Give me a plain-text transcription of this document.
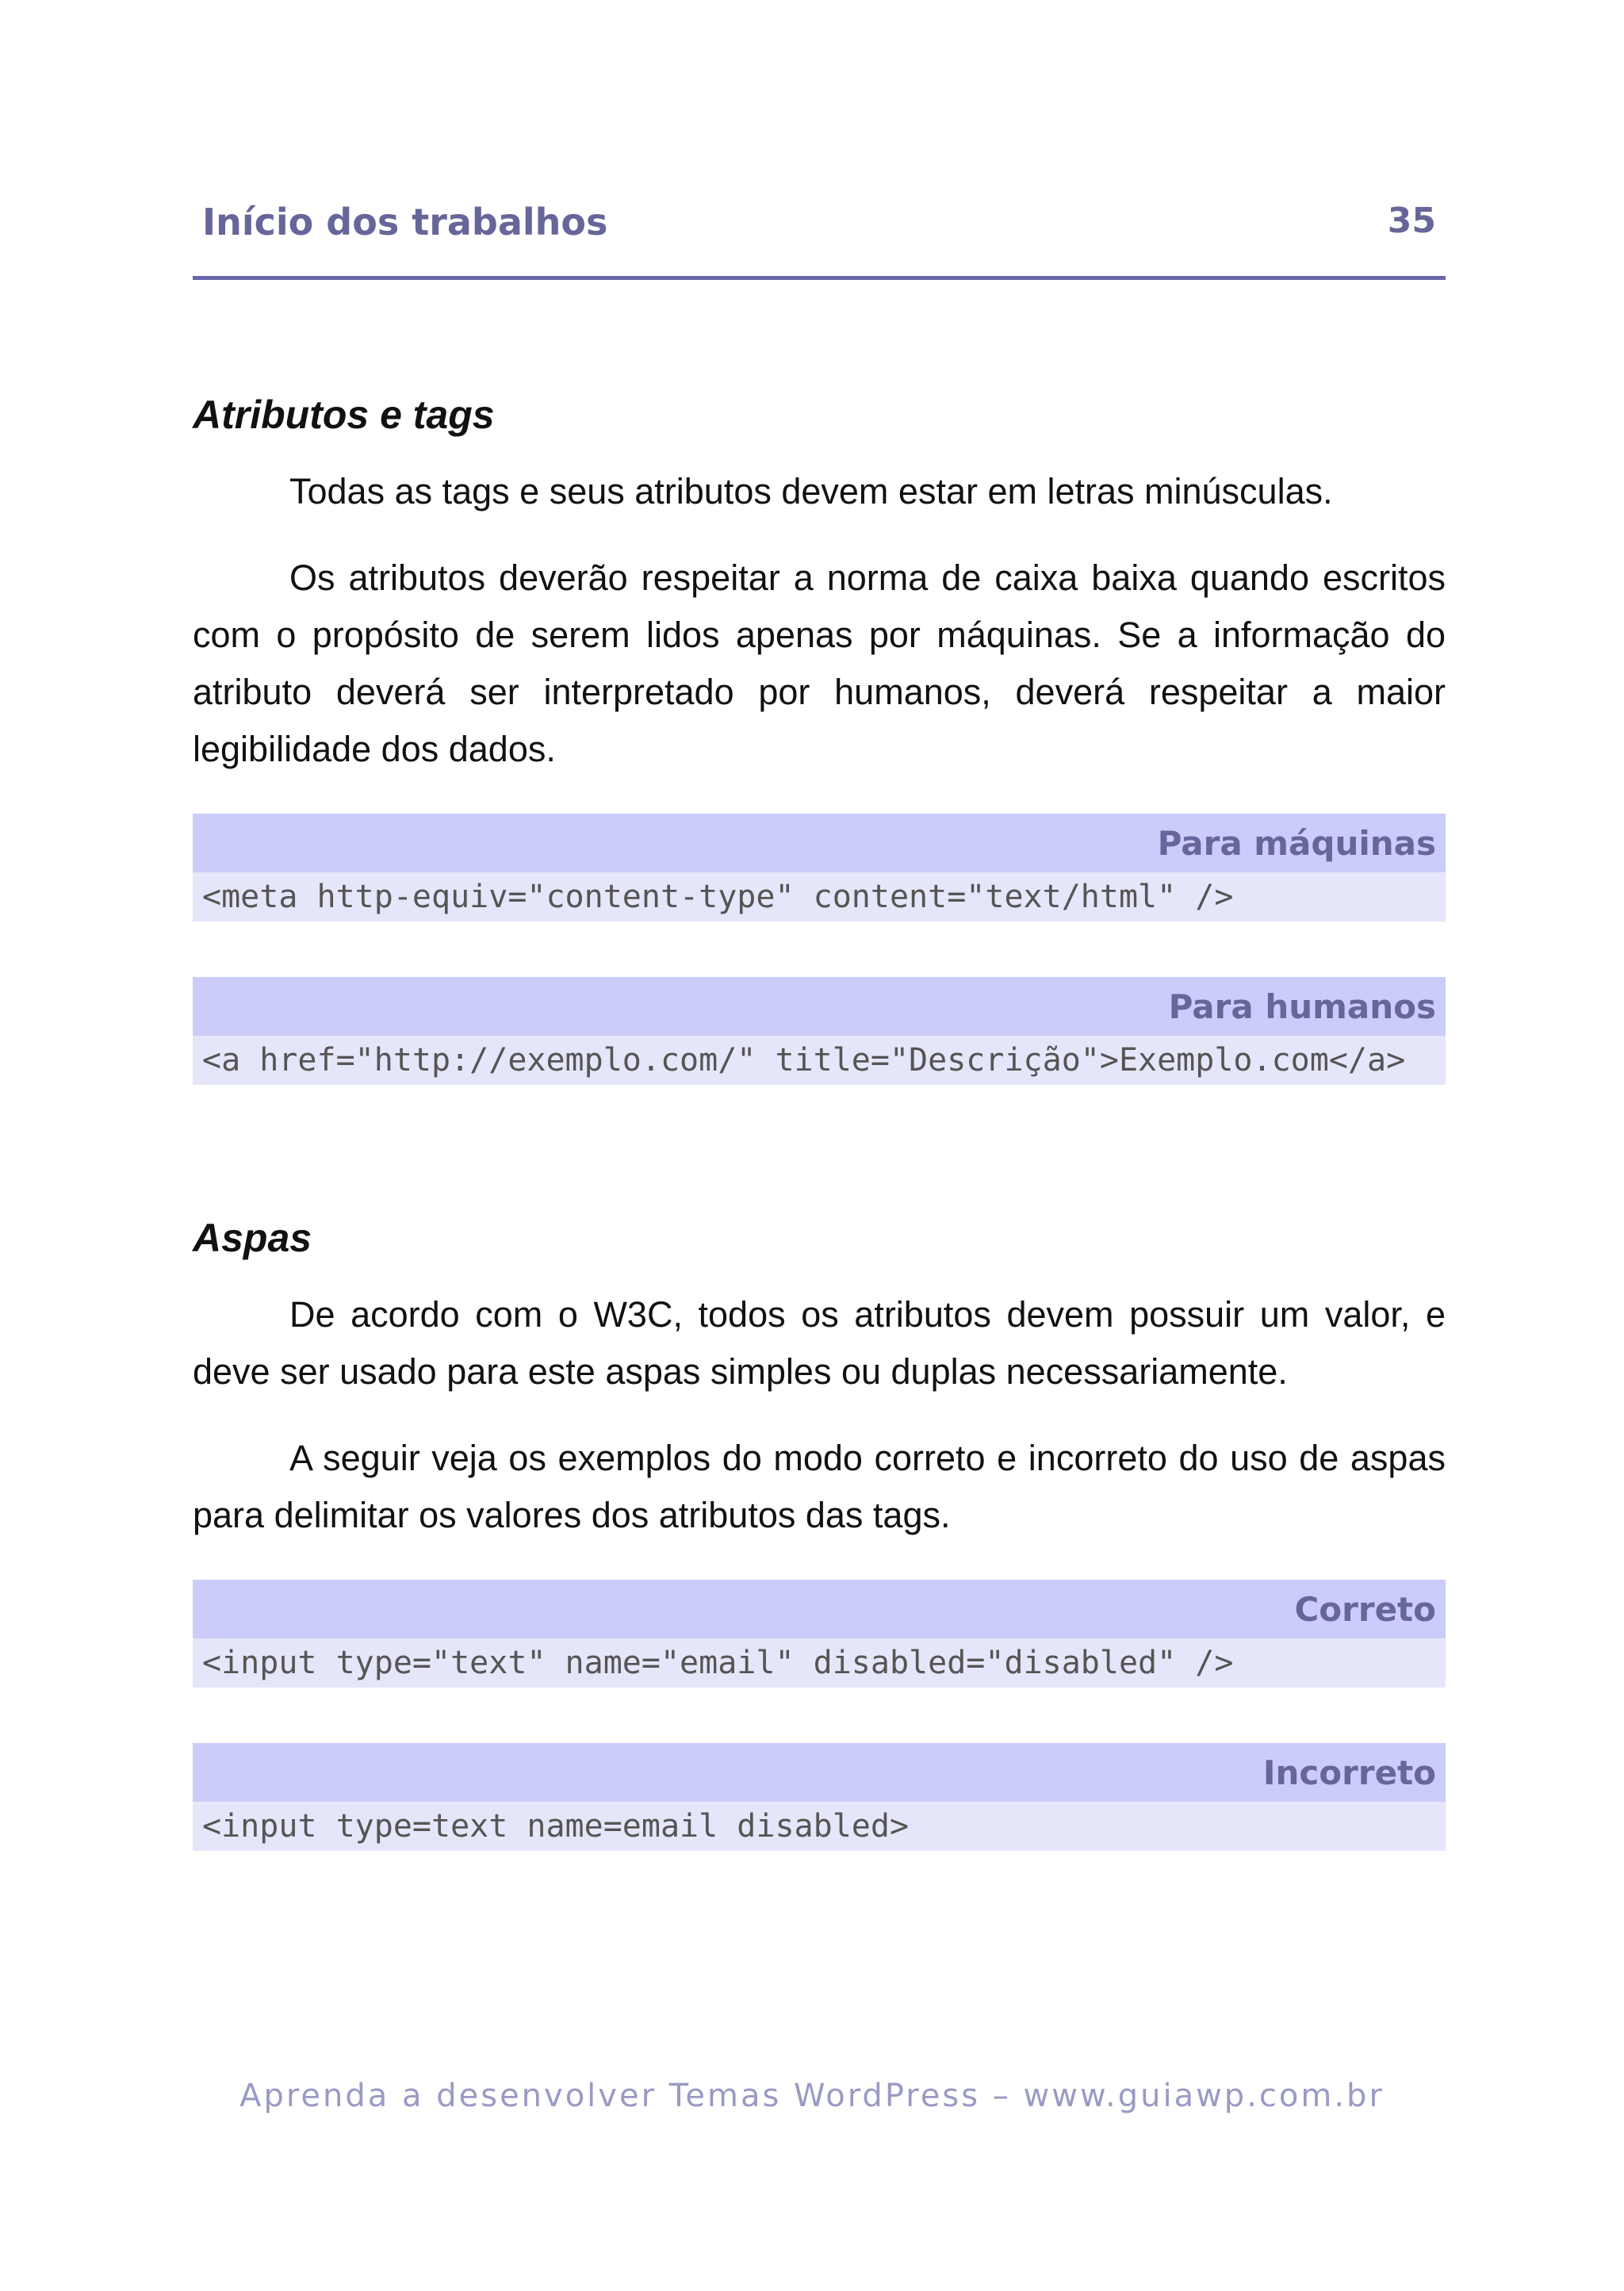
Início dos trabalhos	35
Atributos e tags

Todas as tags e seus atributos devem estar em letras minúsculas.

Os atributos deverão respeitar a norma de caixa baixa quando escritos com o propósito de serem lidos apenas por máquinas. Se a informação do atributo deverá ser interpretado por humanos, deverá respeitar a maior legibilidade dos dados.

Para máquinas
<meta http-equiv="content-type" content="text/html" />
Para humanos
<a href="http://exemplo.com/" title="Descrição">Exemplo.com</a>
Aspas

De acordo com o W3C, todos os atributos devem possuir um valor, e deve ser usado para este aspas simples ou duplas necessariamente.

A seguir veja os exemplos do modo correto e incorreto do uso de aspas para delimitar os valores dos atributos das tags.

Correto
<input type="text" name="email" disabled="disabled" />
Incorreto
<input type=text name=email disabled>
Aprenda a desenvolver Temas WordPress – www.guiawp.com.br
